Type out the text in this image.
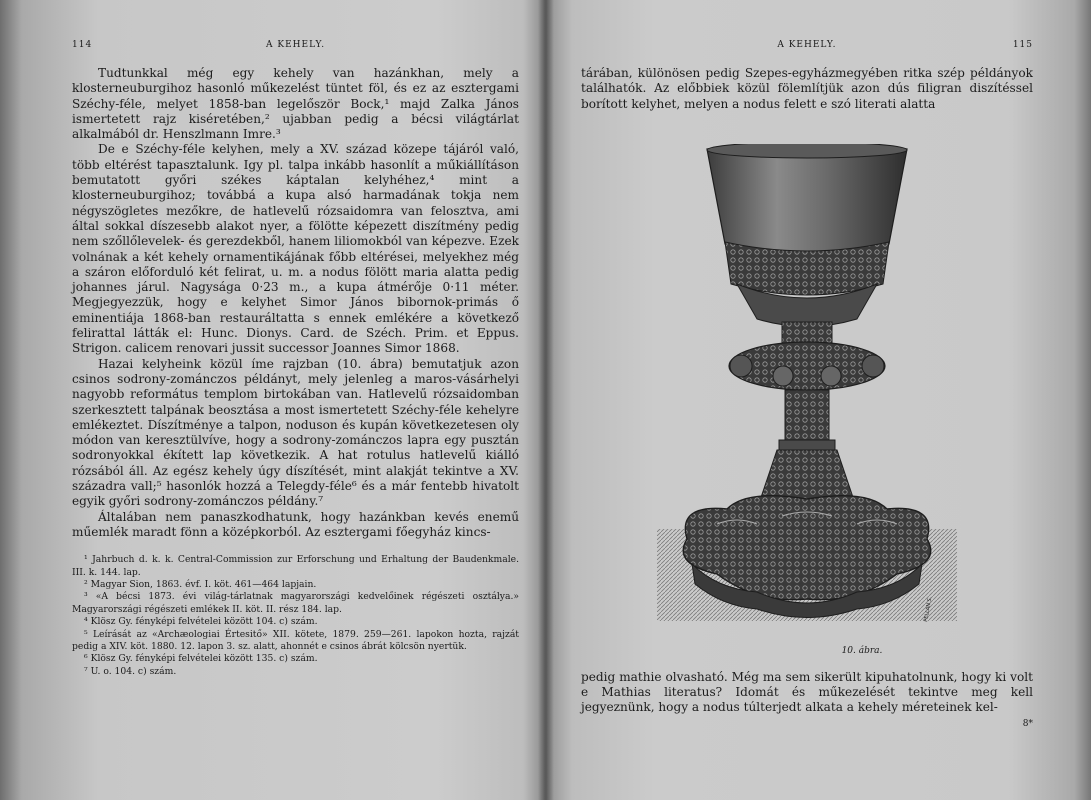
114	A KEHELY.

Tudtunkkal még egy kehely van hazánkhan, mely a klosterneuburgihoz hasonló műkezelést tüntet föl, és ez az esztergami Széchy-féle, melyet 1858-ban legelőször Bock,¹ majd Zalka János ismertetett rajz kiséretében,² ujabban pedig a bécsi világtárlat alkalmából dr. Henszlmann Imre.³

De e Széchy-féle kelyhen, mely a XV. század közepe tájáról való, több eltérést tapasztalunk. Igy pl. talpa inkább hasonlít a műkiállításon bemutatott győri székes káptalan kelyhéhez,⁴ mint a klosterneuburgihoz; továbbá a kupa alsó harmadának tokja nem négyszögletes mezőkre, de hatlevelű rózsaidomra van felosztva, ami által sokkal díszesebb alakot nyer, a fölötte képezett diszítmény pedig nem szőllőlevelek- és gerezdekből, hanem liliomokból van képezve. Ezek volnának a két kehely ornamentikájának főbb eltérései, melyekhez még a száron előforduló két felirat, u. m. a nodus fölött maria alatta pedig johannes járul. Nagysága 0·23 m., a kupa átmérője 0·11 méter. Megjegyezzük, hogy e kelyhet Simor János bibornok-primás ő eminentiája 1868-ban restauráltatta s ennek emlékére a következő felirattal látták el: Hunc. Dionys. Card. de Széch. Prim. et Eppus. Strigon. calicem renovari jussit successor Joannes Simor 1868.

Hazai kelyheink közül íme rajzban (10. ábra) bemutatjuk azon csinos sodrony-zománczos példányt, mely jelenleg a maros-vásárhelyi nagyobb református templom birtokában van. Hatlevelű rózsaidomban szerkesztett talpának beosztása a most ismertetett Széchy-féle kehelyre emlékeztet. Díszítménye a talpon, noduson és kupán következetesen oly módon van keresztülvíve, hogy a sodrony-zománczos lapra egy pusztán sodronyokkal ékített lap következik. A hat rotulus hatlevelű kiálló rózsából áll. Az egész kehely úgy díszítését, mint alakját tekintve a XV. századra vall;⁵ hasonlók hozzá a Telegdy-féle⁶ és a már fentebb hivatolt egyik győri sodrony-zománczos példány.⁷

Általában nem panaszkodhatunk, hogy hazánkban kevés enemű műemlék maradt fönn a középkorból. Az esztergami főegyház kincs-

¹ Jahrbuch d. k. k. Central-Commission zur Erforschung und Erhaltung der Baudenkmale. III. k. 144. lap.
² Magyar Sion, 1863. évf. I. köt. 461—464 lapjain.
³ «A bécsi 1873. évi világ-tárlatnak magyarországi kedvelőinek régészeti osztálya.» Magyarországi régészeti emlékek II. köt. II. rész 184. lap.
⁴ Klösz Gy. fényképi felvételei között 104. c) szám.
⁵ Leírását az «Archæologiai Értesitő» XII. kötete, 1879. 259—261. lapokon hozta, rajzát pedig a XIV. köt. 1880. 12. lapon 3. sz. alatt, ahonnét e csinos ábrát kölcsön nyertük.
⁶ Klösz Gy. fényképi felvételei között 135. c) szám.
⁷ U. o. 104. c) szám.
A KEHELY.	115

tárában, különösen pedig Szepes-egyházmegyében ritka szép példányok találhatók. Az előbbiek közül fölemlítjük azon dús filigran diszítéssel borított kelyhet, melyen a nodus felett e szó literati alatta

PELLAN S.
10. ábra.

pedig mathie olvasható. Még ma sem sikerült kipuhatolnunk, hogy ki volt e Mathias literatus? Idomát és műkezelését tekintve meg kell jegyeznünk, hogy a nodus túlterjedt alkata a kehely méreteinek kel-

8*
